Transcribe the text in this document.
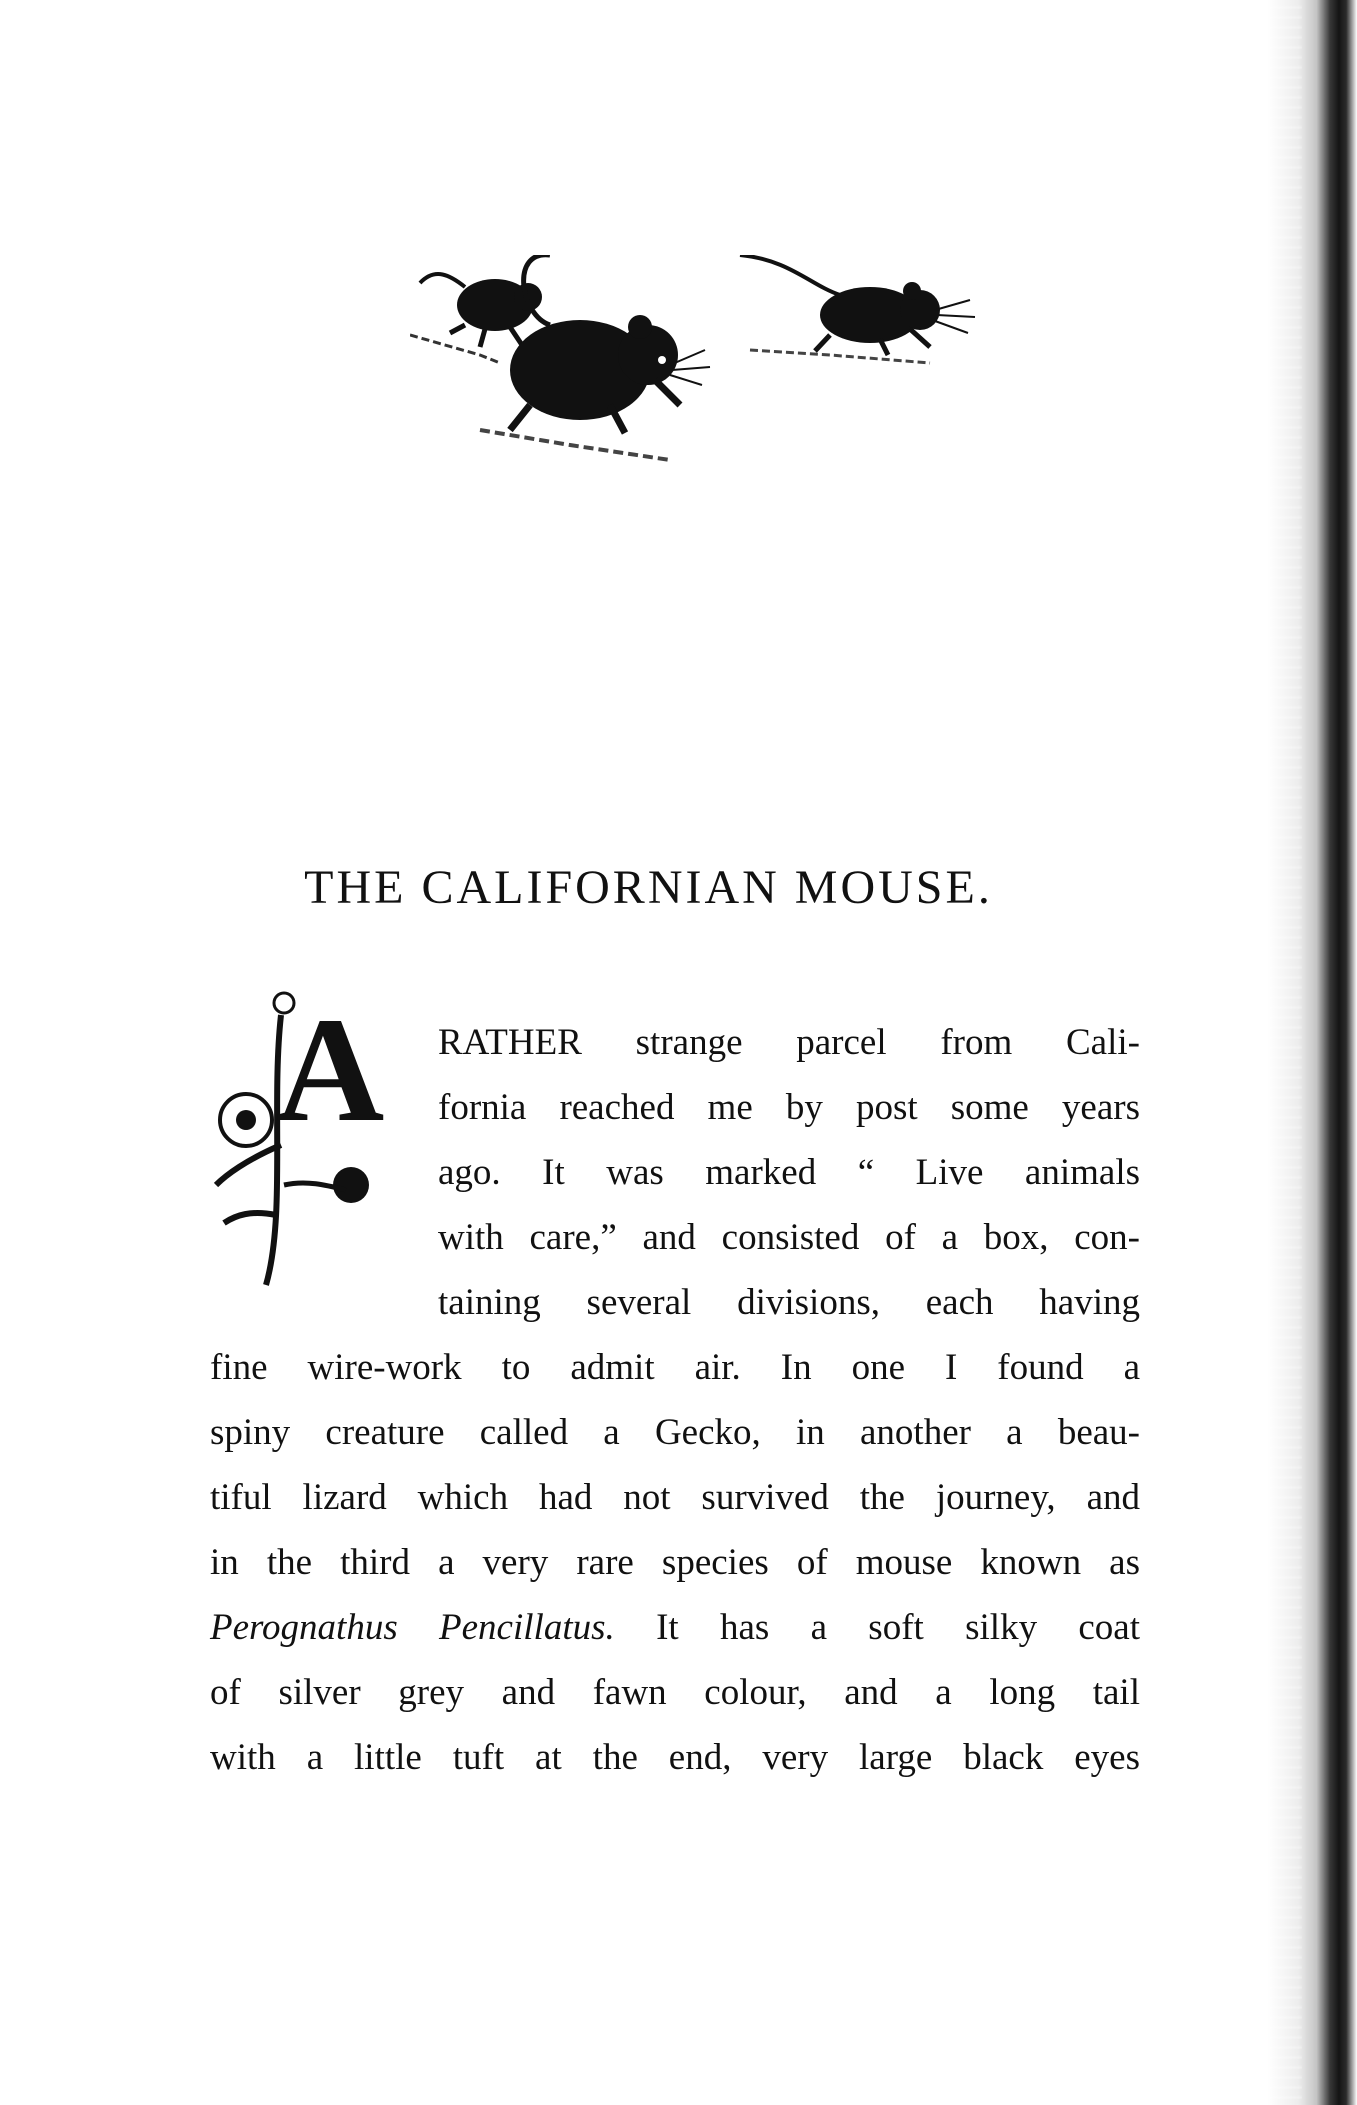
THE CALIFORNIAN MOUSE.
A	RATHER strange parcel from Cali-
fornia reached me by post some years
ago. It was marked “ Live animals
with care,” and consisted of a box, con-
taining several divisions, each having
fine wire-work to admit air. In one I found a
spiny creature called a Gecko, in another a beau-
tiful lizard which had not survived the journey, and
in the third a very rare species of mouse known as
Perognathus Pencillatus. It has a soft silky coat
of silver grey and fawn colour, and a long tail
with a little tuft at the end, very large black eyes
